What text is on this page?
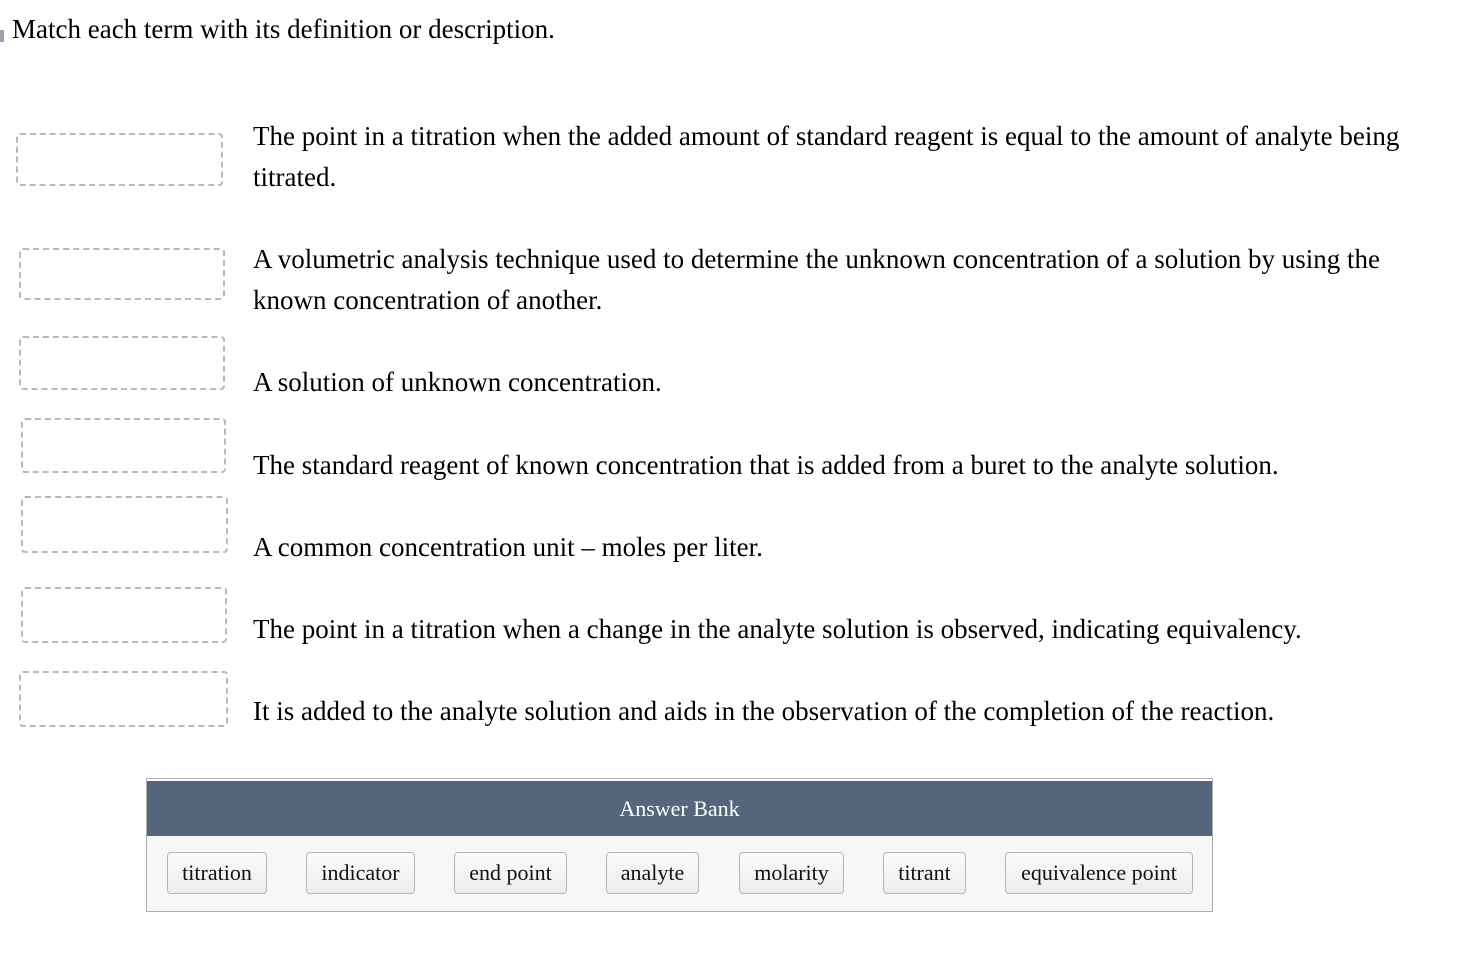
Match each term with its definition or description.
The point in a titration when the added amount of standard reagent is equal to the amount of analyte being titrated.
A volumetric analysis technique used to determine the unknown concentration of a solution by using the known concentration of another.
A solution of unknown concentration.
The standard reagent of known concentration that is added from a buret to the analyte solution.
A common concentration unit – moles per liter.
The point in a titration when a change in the analyte solution is observed, indicating equivalency.
It is added to the analyte solution and aids in the observation of the completion of the reaction.
Answer Bank
titration	indicator	end point	analyte	molarity	titrant	equivalence point
